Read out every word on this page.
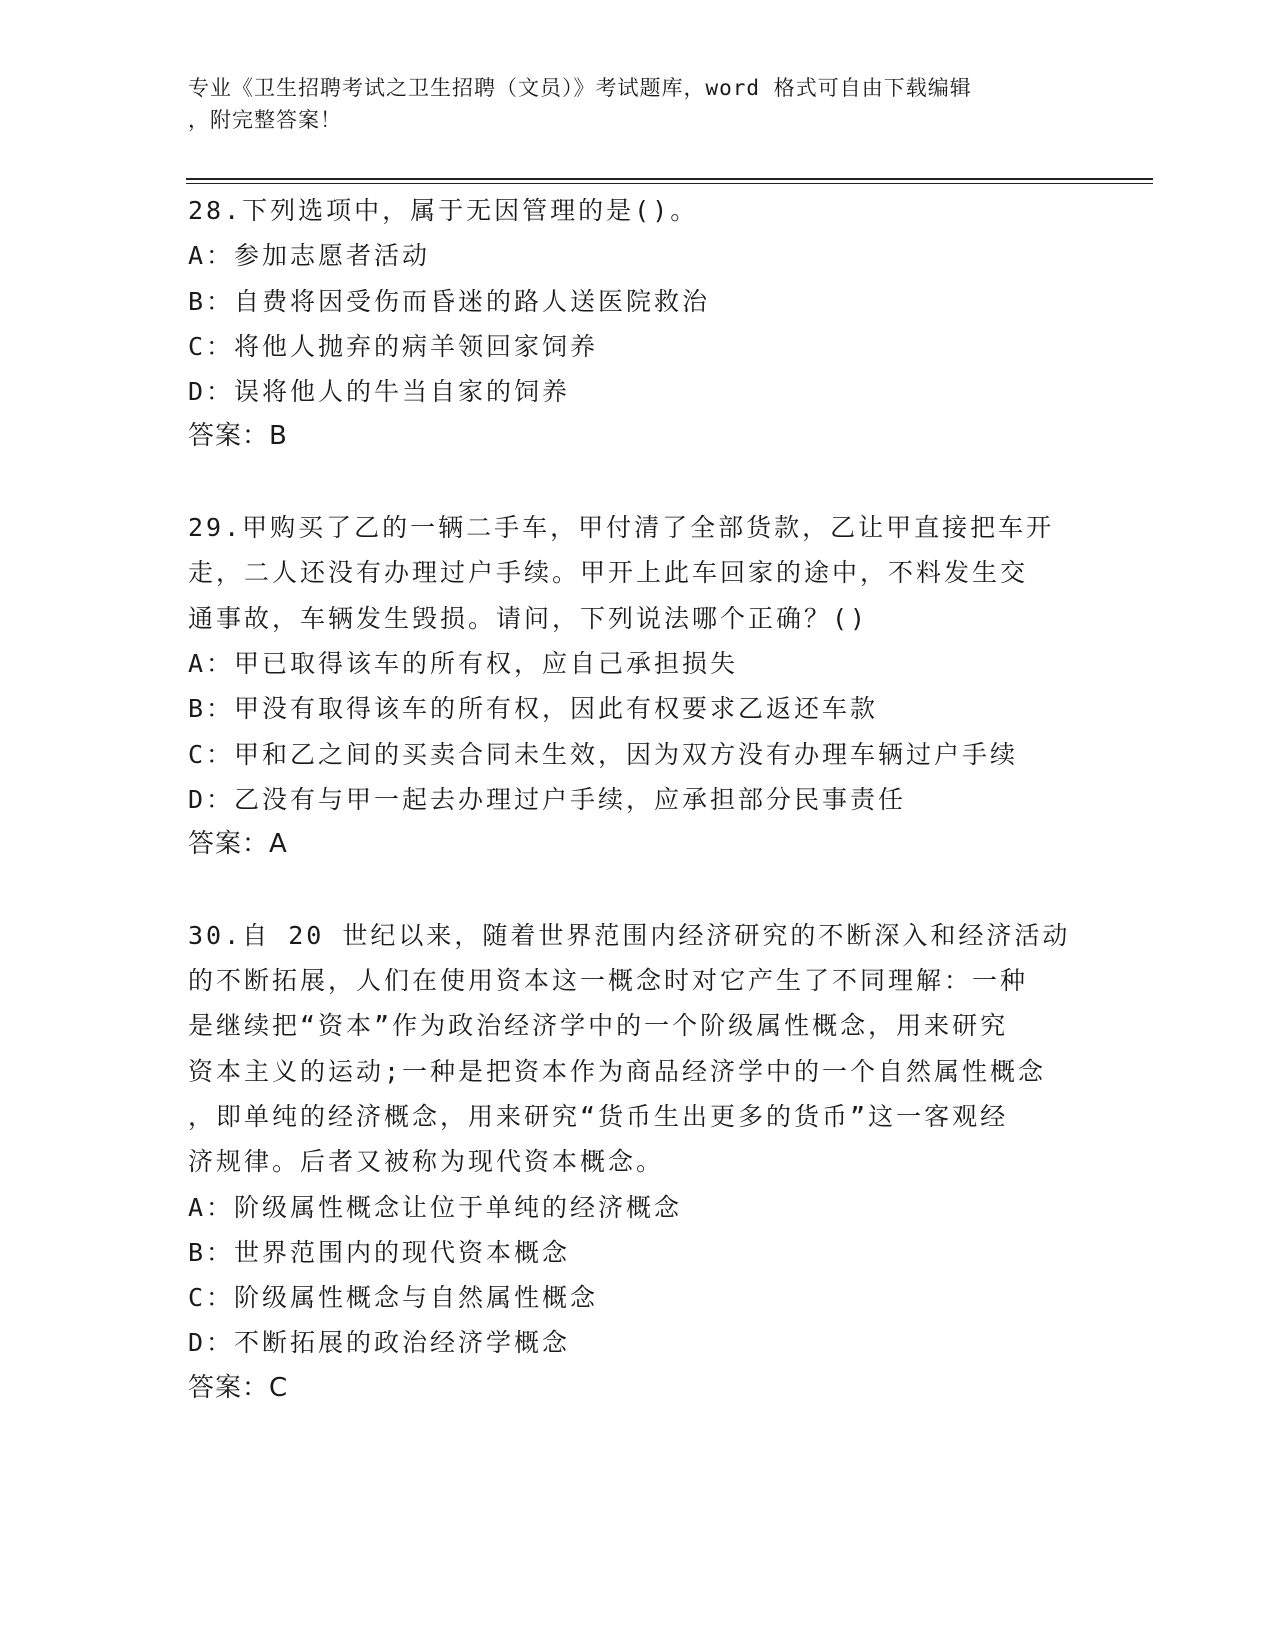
专业《卫生招聘考试之卫生招聘（文员）》考试题库，word 格式可自由下载编辑
，附完整答案！
28.下列选项中，属于无因管理的是()。
A：参加志愿者活动
B：自费将因受伤而昏迷的路人送医院救治
C：将他人抛弃的病羊领回家饲养
D：误将他人的牛当自家的饲养
答案：B
29.甲购买了乙的一辆二手车，甲付清了全部货款，乙让甲直接把车开
走，二人还没有办理过户手续。甲开上此车回家的途中，不料发生交
通事故，车辆发生毁损。请问，下列说法哪个正确？()
A：甲已取得该车的所有权，应自己承担损失
B：甲没有取得该车的所有权，因此有权要求乙返还车款
C：甲和乙之间的买卖合同未生效，因为双方没有办理车辆过户手续
D：乙没有与甲一起去办理过户手续，应承担部分民事责任
答案：A
30.自 20 世纪以来，随着世界范围内经济研究的不断深入和经济活动
的不断拓展，人们在使用资本这一概念时对它产生了不同理解：一种
是继续把“资本”作为政治经济学中的一个阶级属性概念，用来研究
资本主义的运动;一种是把资本作为商品经济学中的一个自然属性概念
，即单纯的经济概念，用来研究“货币生出更多的货币”这一客观经
济规律。后者又被称为现代资本概念。
A：阶级属性概念让位于单纯的经济概念
B：世界范围内的现代资本概念
C：阶级属性概念与自然属性概念
D：不断拓展的政治经济学概念
答案：C
